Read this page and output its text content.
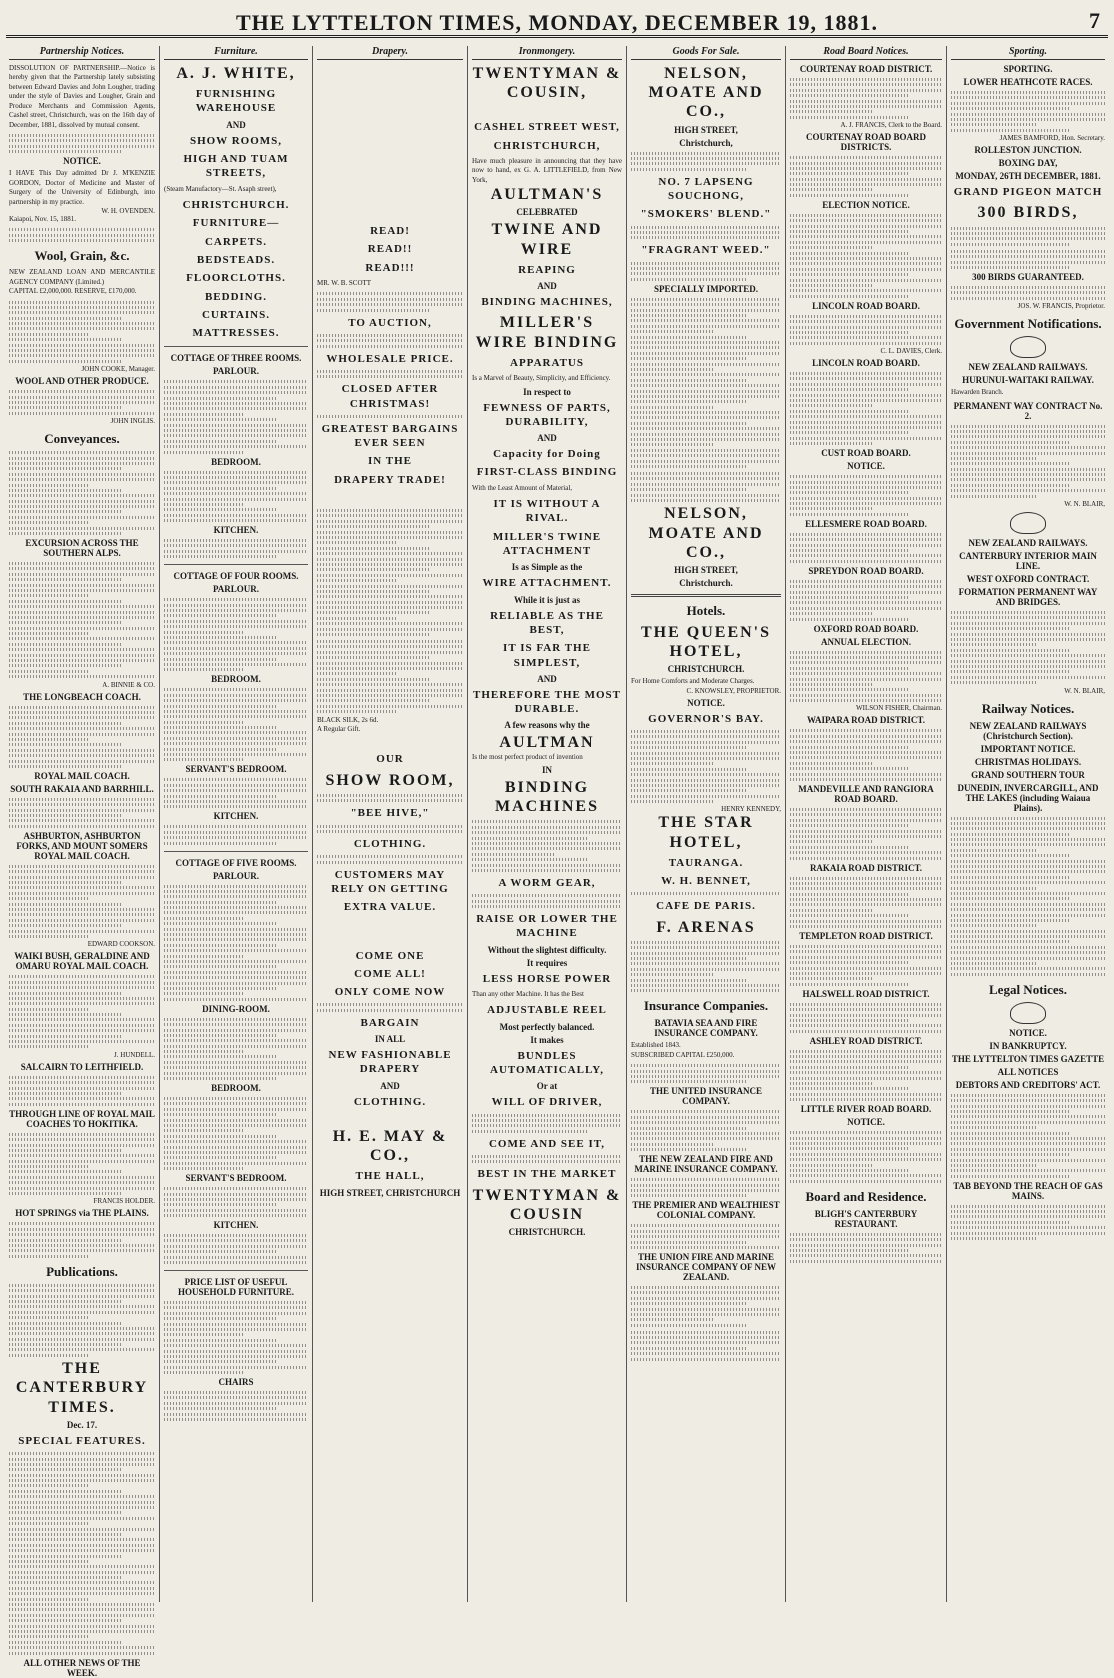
THE LYTTELTON TIMES, MONDAY, DECEMBER 19, 1881.	7
Partnership Notices.
DISSOLUTION OF PARTNERSHIP.—Notice is hereby given that the Partnership lately subsisting between Edward Davies and John Lougher, trading under the style of Davies and Lougher, Grain and Produce Merchants and Commission Agents, Cashel street, Christchurch, was on the 16th day of December, 1881, dissolved by mutual consent.
NOTICE.
I HAVE This Day admitted Dr J. M'KENZIE GORDON, Doctor of Medicine and Master of Surgery of the University of Edinburgh, into partnership in my practice.
W. H. OVENDEN.
Kaiapoi, Nov. 15, 1881.
Wool, Grain, &c.
NEW ZEALAND LOAN AND MERCANTILE AGENCY COMPANY (Limited.)
CAPITAL £2,000,000. RESERVE, £170,000.
JOHN COOKE, Manager.
WOOL AND OTHER PRODUCE.
JOHN INGLIS.
Conveyances.
EXCURSION ACROSS THE SOUTHERN ALPS.
A. BINNIE & CO.
THE LONGBEACH COACH.
ROYAL MAIL COACH.
SOUTH RAKAIA AND BARRHILL.
ASHBURTON, ASHBURTON FORKS, AND MOUNT SOMERS ROYAL MAIL COACH.
EDWARD COOKSON.
WAIKI BUSH, GERALDINE AND OMARU ROYAL MAIL COACH.
J. HUNDELL.
SALCAIRN TO LEITHFIELD.
THROUGH LINE OF ROYAL MAIL COACHES TO HOKITIKA.
FRANCIS HOLDER.
HOT SPRINGS via THE PLAINS.
Publications.
THE CANTERBURY TIMES.
Dec. 17.
SPECIAL FEATURES.
ALL OTHER NEWS OF THE WEEK.
Furniture.
A. J. WHITE,
FURNISHING WAREHOUSE
AND
SHOW ROOMS,
HIGH AND TUAM STREETS,
(Steam Manufactory—St. Asaph street),
CHRISTCHURCH.
FURNITURE—
CARPETS.
BEDSTEADS.
FLOORCLOTHS.
BEDDING.
CURTAINS.
MATTRESSES.
COTTAGE OF THREE ROOMS.
PARLOUR.
BEDROOM.
KITCHEN.
COTTAGE OF FOUR ROOMS.
PARLOUR.
BEDROOM.
SERVANT'S BEDROOM.
KITCHEN.
COTTAGE OF FIVE ROOMS.
PARLOUR.
DINING-ROOM.
BEDROOM.
SERVANT'S BEDROOM.
KITCHEN.
PRICE LIST OF USEFUL HOUSEHOLD FURNITURE.
CHAIRS
Drapery.
READ!
READ!!
READ!!!
MR. W. B. SCOTT
TO AUCTION,
WHOLESALE PRICE.
CLOSED AFTER CHRISTMAS!
GREATEST BARGAINS EVER SEEN
IN THE
DRAPERY TRADE!
BLACK SILK, 2s 6d.
A Regular Gift.
OUR
SHOW ROOM,
"BEE HIVE,"
CLOTHING.
CUSTOMERS MAY RELY ON GETTING
EXTRA VALUE.
COME ONE
COME ALL!
ONLY COME NOW
BARGAIN
IN ALL
NEW FASHIONABLE DRAPERY
AND
CLOTHING.
H. E. MAY & CO.,
THE HALL,
HIGH STREET, CHRISTCHURCH
Ironmongery.
TWENTYMAN & COUSIN,
CASHEL STREET WEST,
CHRISTCHURCH,
Have much pleasure in announcing that they have now to hand, ex G. A. LITTLEFIELD, from New York,
AULTMAN'S
CELEBRATED
TWINE AND WIRE
REAPING
AND
BINDING MACHINES,
MILLER'S WIRE BINDING
APPARATUS
Is a Marvel of Beauty, Simplicity, and Efficiency.
In respect to
FEWNESS OF PARTS, DURABILITY,
AND
Capacity for Doing
FIRST-CLASS BINDING
With the Least Amount of Material,
IT IS WITHOUT A RIVAL.
MILLER'S TWINE ATTACHMENT
Is as Simple as the
WIRE ATTACHMENT.
While it is just as
RELIABLE AS THE BEST,
IT IS FAR THE SIMPLEST,
AND
THEREFORE THE MOST DURABLE.
A few reasons why the
AULTMAN
Is the most perfect product of invention
IN
BINDING MACHINES
A WORM GEAR,
RAISE OR LOWER THE MACHINE
Without the slightest difficulty.
It requires
LESS HORSE POWER
Than any other Machine. It has the Best
ADJUSTABLE REEL
Most perfectly balanced.
It makes
BUNDLES AUTOMATICALLY,
Or at
WILL OF DRIVER,
COME AND SEE IT,
BEST IN THE MARKET
TWENTYMAN & COUSIN
CHRISTCHURCH.
Goods For Sale.
NELSON, MOATE AND CO.,
HIGH STREET,
Christchurch,
NO. 7 LAPSENG SOUCHONG,
"SMOKERS' BLEND."
"FRAGRANT WEED."
SPECIALLY IMPORTED.
NELSON, MOATE AND CO.,
HIGH STREET,
Christchurch.
Hotels.
THE QUEEN'S HOTEL,
CHRISTCHURCH.
For Home Comforts and Moderate Charges.
C. KNOWSLEY, PROPRIETOR.
NOTICE.
GOVERNOR'S BAY.
HENRY KENNEDY,
THE STAR HOTEL,
TAURANGA.
W. H. BENNET,
CAFE DE PARIS.
F. ARENAS
Insurance Companies.
BATAVIA SEA AND FIRE INSURANCE COMPANY.
Established 1843.
SUBSCRIBED CAPITAL £250,000.
THE UNITED INSURANCE COMPANY.
THE NEW ZEALAND FIRE AND MARINE INSURANCE COMPANY.
THE PREMIER AND WEALTHIEST COLONIAL COMPANY.
THE UNION FIRE AND MARINE INSURANCE COMPANY OF NEW ZEALAND.
Road Board Notices.
COURTENAY ROAD DISTRICT.
A. J. FRANCIS, Clerk to the Board.
COURTENAY ROAD BOARD DISTRICTS.
ELECTION NOTICE.
LINCOLN ROAD BOARD.
C. L. DAVIES, Clerk.
LINCOLN ROAD BOARD.
CUST ROAD BOARD.
NOTICE.
ELLESMERE ROAD BOARD.
SPREYDON ROAD BOARD.
OXFORD ROAD BOARD.
ANNUAL ELECTION.
WILSON FISHER, Chairman.
WAIPARA ROAD DISTRICT.
MANDEVILLE AND RANGIORA ROAD BOARD.
RAKAIA ROAD DISTRICT.
TEMPLETON ROAD DISTRICT.
HALSWELL ROAD DISTRICT.
ASHLEY ROAD DISTRICT.
LITTLE RIVER ROAD BOARD.
NOTICE.
Board and Residence.
BLIGH'S CANTERBURY RESTAURANT.
Sporting.
SPORTING.
LOWER HEATHCOTE RACES.
JAMES BAMFORD, Hon. Secretary.
ROLLESTON JUNCTION.
BOXING DAY,
MONDAY, 26TH DECEMBER, 1881.
GRAND PIGEON MATCH
300 BIRDS,
300 BIRDS GUARANTEED.
JOS. W. FRANCIS, Proprietor.
Government Notifications.
NEW ZEALAND RAILWAYS.
HURUNUI-WAITAKI RAILWAY.
Hawarden Branch.
PERMANENT WAY CONTRACT No. 2.
W. N. BLAIR,
NEW ZEALAND RAILWAYS.
CANTERBURY INTERIOR MAIN LINE.
WEST OXFORD CONTRACT.
FORMATION PERMANENT WAY AND BRIDGES.
W. N. BLAIR,
Railway Notices.
NEW ZEALAND RAILWAYS (Christchurch Section).
IMPORTANT NOTICE.
CHRISTMAS HOLIDAYS.
GRAND SOUTHERN TOUR
DUNEDIN, INVERCARGILL, AND THE LAKES (including Waiaua Plains).
Legal Notices.
NOTICE.
IN BANKRUPTCY.
THE LYTTELTON TIMES GAZETTE
ALL NOTICES
DEBTORS AND CREDITORS' ACT.
TAB BEYOND THE REACH OF GAS MAINS.
